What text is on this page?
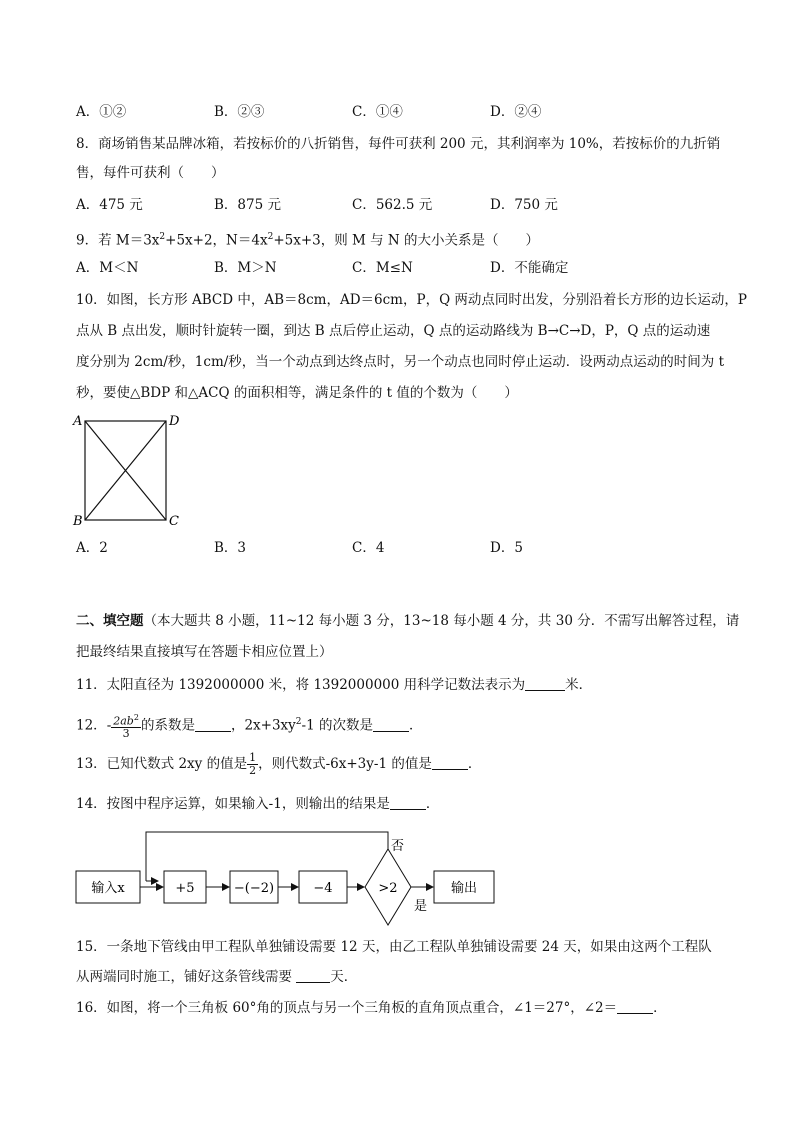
A．①②	B．②③	C．①④	D．②④
8．商场销售某品牌冰箱，若按标价的八折销售，每件可获利 200 元，其利润率为 10%，若按标价的九折销
售，每件可获利（　　）
A．475 元	B．875 元	C．562.5 元	D．750 元
9．若 $M=3x^2+5x+2$，$N=4x^2+5x+3$，则 M 与 N 的大小关系是（　　）
A．M＜N	B．M＞N	C．M≤N	D．不能确定
10．如图，长方形 ABCD 中，AB＝8cm，AD＝6cm，P，Q 两动点同时出发，分别沿着长方形的边长运动，P
点从 B 点出发，顺时针旋转一圈，到达 B 点后停止运动，Q 点的运动路线为 B→C→D，P，Q 点的运动速
度分别为 2cm/秒，1cm/秒，当一个动点到达终点时，另一个动点也同时停止运动．设两动点运动的时间为 t
秒，要使△BDP 和△ACQ 的面积相等，满足条件的 t 值的个数为（　　）
A	D
B	C
A．2	B．3	C．4	D．5
二、填空题（本大题共 8 小题，11~12 每小题 3 分，13~18 每小题 4 分，共 30 分．不需写出解答过程，请
把最终结果直接填写在答题卡相应位置上）
11．太阳直径为 1392000000 米，将 1392000000 用科学记数法表示为	米．
12．- $\frac{2ab^2}{3}$ 的系数是	，$2x+3xy^2-1$ 的次数是	．
13．已知代数式 2xy 的值是 $\frac{1}{2}$ ，则代数式-6x+3y-1 的值是	．
14．按图中程序运算，如果输入-1，则输出的结果是	．
输入x	+5	−(−2)	−4	>2	输出
否
是
15．一条地下管线由甲工程队单独铺设需要 12 天，由乙工程队单独铺设需要 24 天，如果由这两个工程队
从两端同时施工，铺好这条管线需要	天．
16．如图，将一个三角板 60°角的顶点与另一个三角板的直角顶点重合，∠1＝27°，∠2＝	．
